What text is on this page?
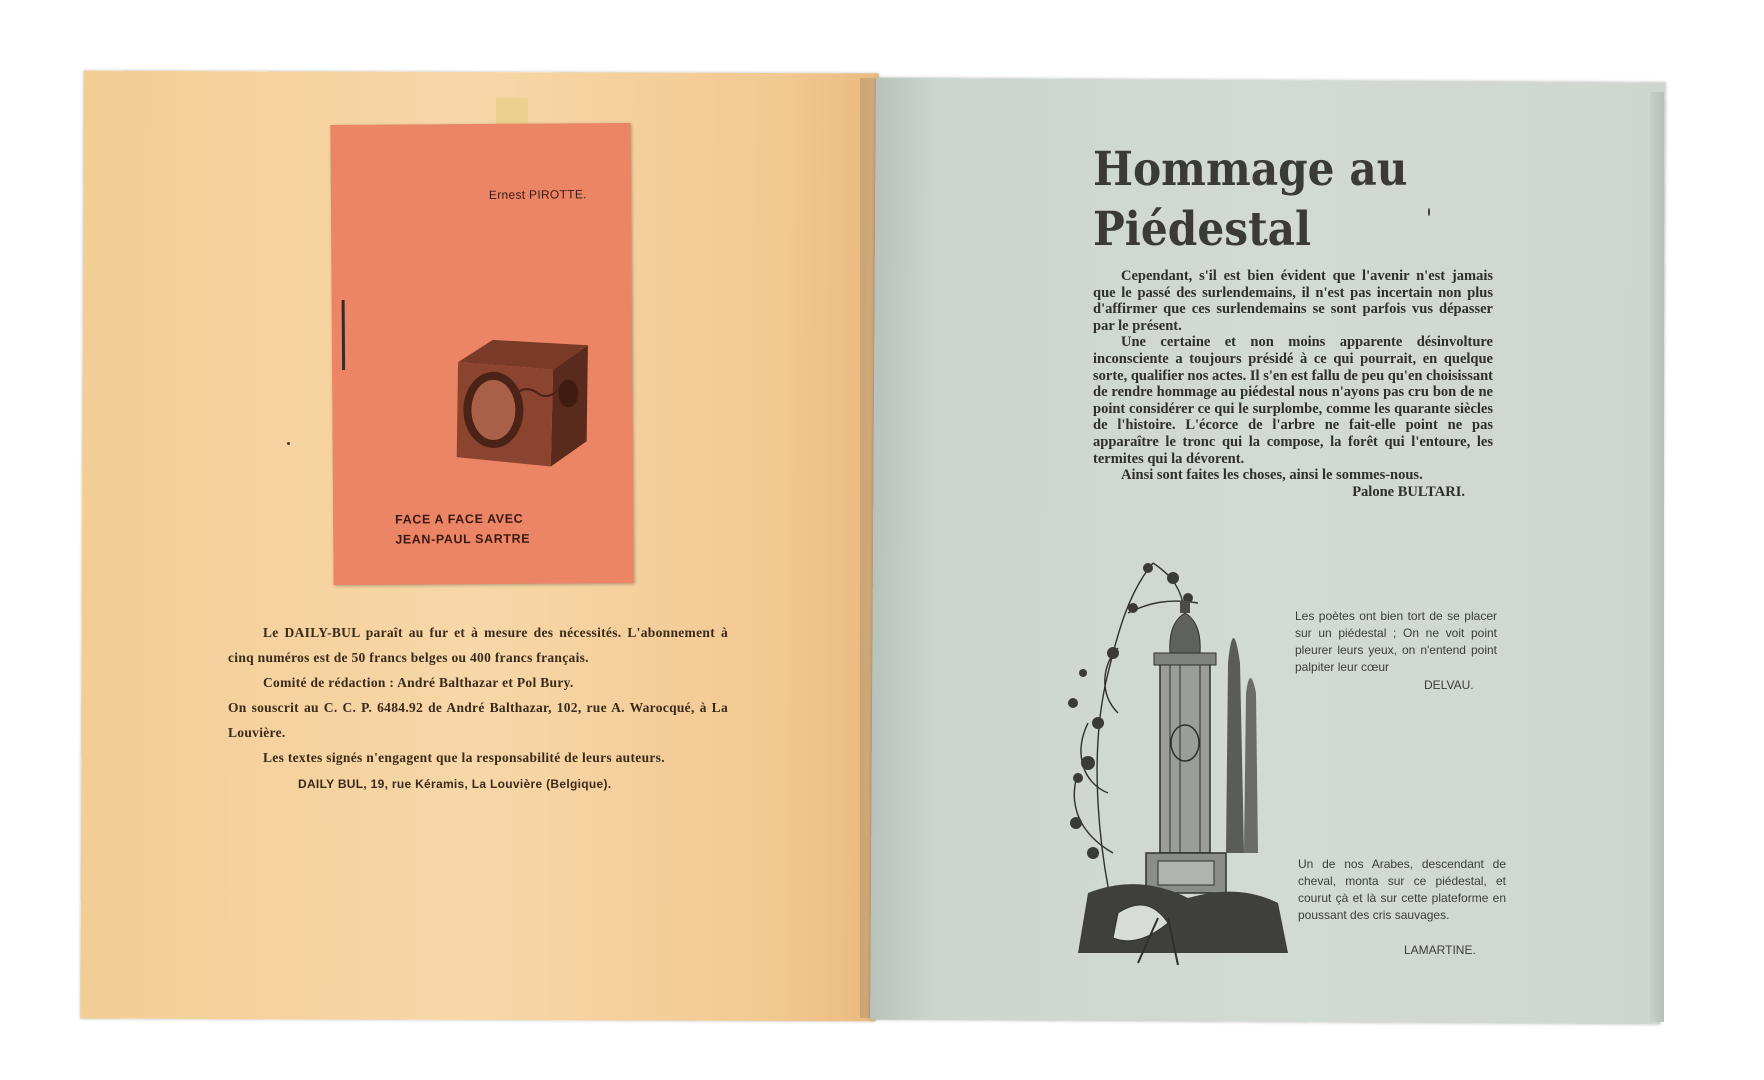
Ernest PIROTTE.
FACE A FACE AVEC
JEAN-PAUL SARTRE

Le DAILY-BUL paraît au fur et à mesure des nécessités. L'abonnement à cinq numéros est de 50 francs belges ou 400 francs français.

Comité de rédaction : André Balthazar et Pol Bury.

On souscrit au C. C. P. 6484.92 de André Balthazar, 102, rue A. Warocqué, à La Louvière.

Les textes signés n'engagent que la responsabilité de leurs auteurs.

DAILY BUL, 19, rue Kéramis, La Louvière (Belgique).

Hommage au
Piédestal

Cependant, s'il est bien évident que l'avenir n'est jamais que le passé des surlendemains, il n'est pas incertain non plus d'affirmer que ces surlendemains se sont parfois vus dépasser par le présent.

Une certaine et non moins apparente désinvolture inconsciente a toujours présidé à ce qui pourrait, en quelque sorte, qualifier nos actes. Il s'en est fallu de peu qu'en choisissant de rendre hommage au piédestal nous n'ayons pas cru bon de ne point considérer ce qui le surplombe, comme les quarante siècles de l'histoire. L'écorce de l'arbre ne fait-elle point ne pas apparaître le tronc qui la compose, la forêt qui l'entoure, les termites qui la dévorent.

Ainsi sont faites les choses, ainsi le sommes-nous.

Palone BULTARI.

Les poètes ont bien tort de se placer sur un piédestal ; On ne voit point pleurer leurs yeux, on n'entend point palpiter leur cœur
DELVAU.
Un de nos Arabes, descendant de cheval, monta sur ce piédestal, et courut çà et là sur cette plateforme en poussant des cris sauvages.
LAMARTINE.
